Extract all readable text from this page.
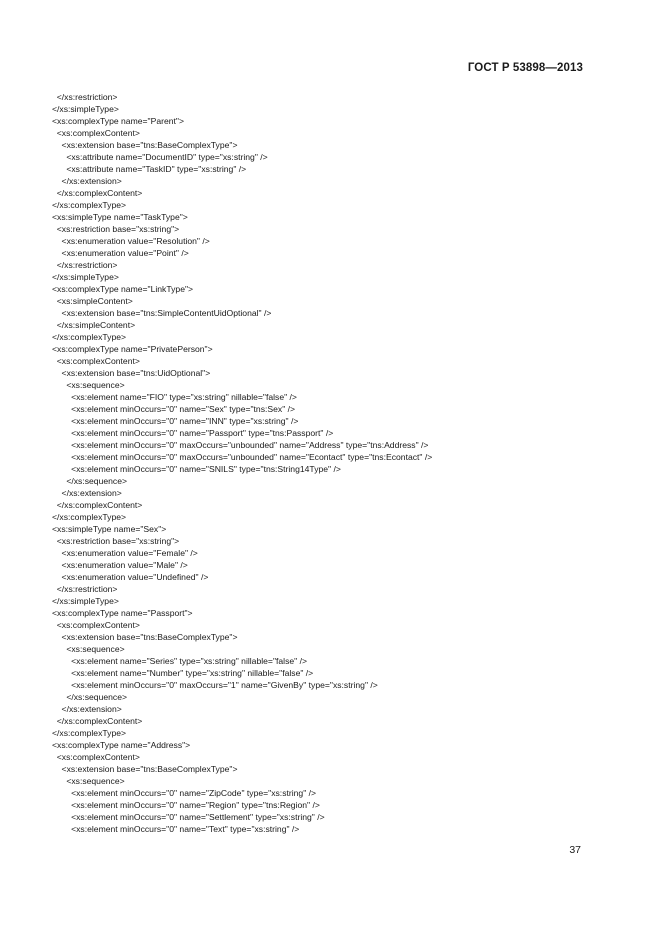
ГОСТ Р 53898—2013
</xs:restriction>
</xs:simpleType>
<xs:complexType name="Parent">
<xs:complexContent>
<xs:extension base="tns:BaseComplexType">
<xs:attribute name="DocumentID" type="xs:string" />
<xs:attribute name="TaskID" type="xs:string" />
</xs:extension>
</xs:complexContent>
</xs:complexType>
<xs:simpleType name="TaskType">
<xs:restriction base="xs:string">
<xs:enumeration value="Resolution" />
<xs:enumeration value="Point" />
</xs:restriction>
</xs:simpleType>
<xs:complexType name="LinkType">
<xs:simpleContent>
<xs:extension base="tns:SimpleContentUidOptional" />
</xs:simpleContent>
</xs:complexType>
<xs:complexType name="PrivatePerson">
<xs:complexContent>
<xs:extension base="tns:UidOptional">
<xs:sequence>
<xs:element name="FIO" type="xs:string" nillable="false" />
<xs:element minOccurs="0" name="Sex" type="tns:Sex" />
<xs:element minOccurs="0" name="INN" type="xs:string" />
<xs:element minOccurs="0" name="Passport" type="tns:Passport" />
<xs:element minOccurs="0" maxOccurs="unbounded" name="Address" type="tns:Address" />
<xs:element minOccurs="0" maxOccurs="unbounded" name="Econtact" type="tns:Econtact" />
<xs:element minOccurs="0" name="SNILS" type="tns:String14Type" />
</xs:sequence>
</xs:extension>
</xs:complexContent>
</xs:complexType>
<xs:simpleType name="Sex">
<xs:restriction base="xs:string">
<xs:enumeration value="Female" />
<xs:enumeration value="Male" />
<xs:enumeration value="Undefined" />
</xs:restriction>
</xs:simpleType>
<xs:complexType name="Passport">
<xs:complexContent>
<xs:extension base="tns:BaseComplexType">
<xs:sequence>
<xs:element name="Series" type="xs:string" nillable="false" />
<xs:element name="Number" type="xs:string" nillable="false" />
<xs:element minOccurs="0" maxOccurs="1" name="GivenBy" type="xs:string" />
</xs:sequence>
</xs:extension>
</xs:complexContent>
</xs:complexType>
<xs:complexType name="Address">
<xs:complexContent>
<xs:extension base="tns:BaseComplexType">
<xs:sequence>
<xs:element minOccurs="0" name="ZipCode" type="xs:string" />
<xs:element minOccurs="0" name="Region" type="tns:Region" />
<xs:element minOccurs="0" name="Settlement" type="xs:string" />
<xs:element minOccurs="0" name="Text" type="xs:string" />
37
